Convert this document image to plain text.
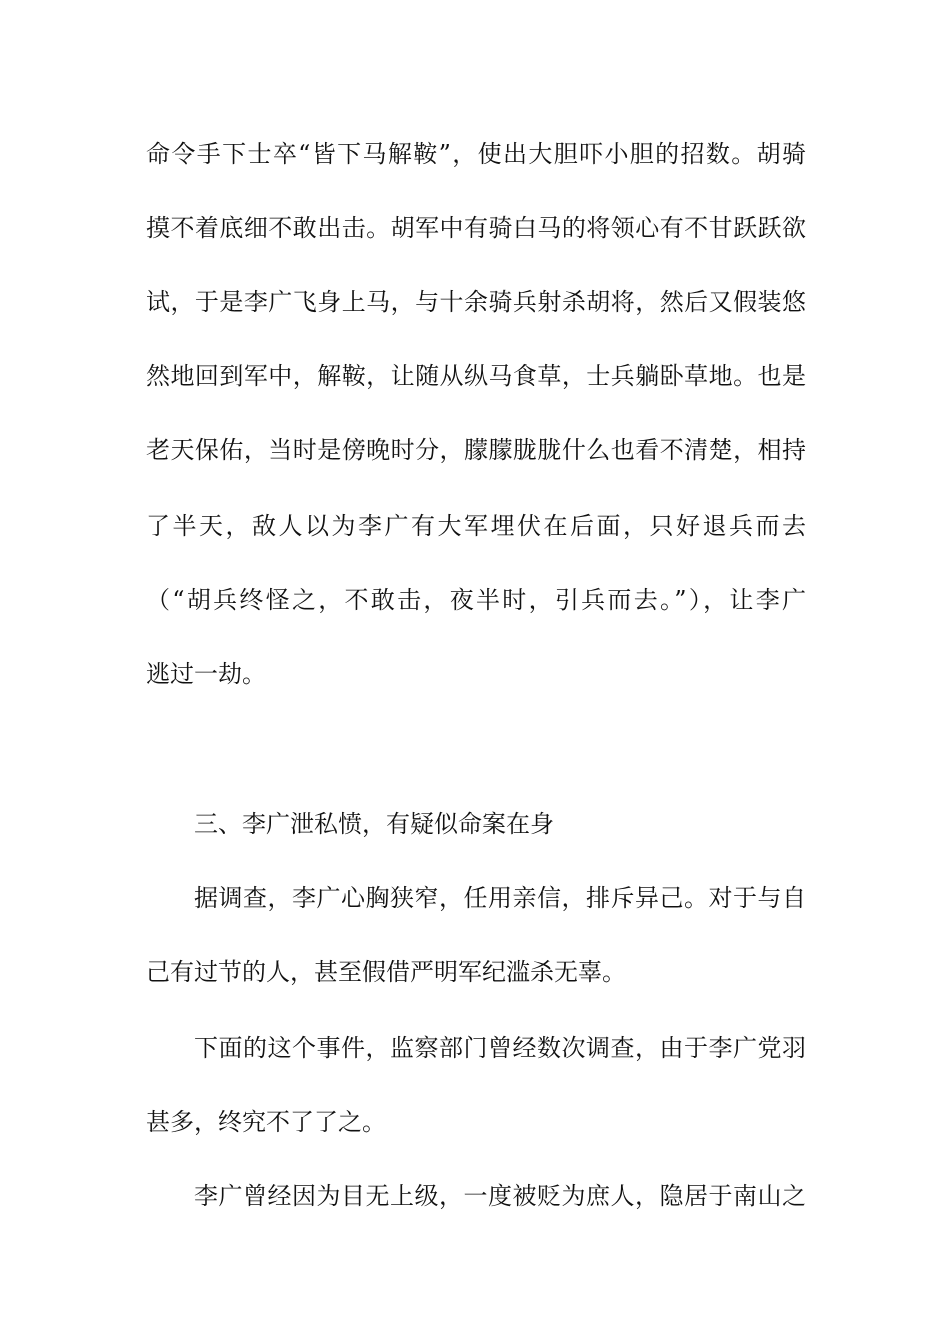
命令手下士卒“皆下马解鞍”，使出大胆吓小胆的招数。胡骑
摸不着底细不敢出击。胡军中有骑白马的将领心有不甘跃跃欲
试，于是李广飞身上马，与十余骑兵射杀胡将，然后又假装悠
然地回到军中，解鞍，让随从纵马食草，士兵躺卧草地。也是
老天保佑，当时是傍晚时分，朦朦胧胧什么也看不清楚，相持
了半天，敌人以为李广有大军埋伏在后面，只好退兵而去
（“胡兵终怪之，不敢击，夜半时，引兵而去。”），让李广
逃过一劫。
三、李广泄私愤，有疑似命案在身
据调查，李广心胸狭窄，任用亲信，排斥异己。对于与自
己有过节的人，甚至假借严明军纪滥杀无辜。
下面的这个事件，监察部门曾经数次调查，由于李广党羽
甚多，终究不了了之。
李广曾经因为目无上级，一度被贬为庶人，隐居于南山之
